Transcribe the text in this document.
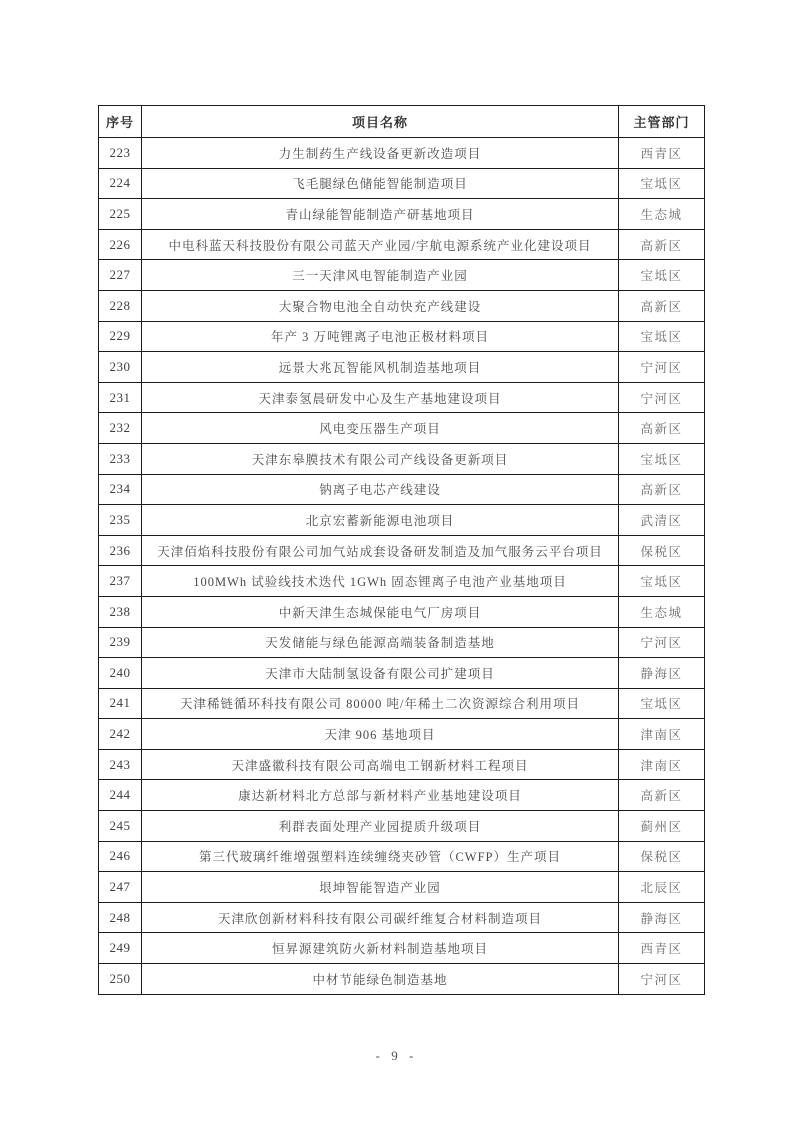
序号	项目名称	主管部门
223	力生制药生产线设备更新改造项目	西青区
224	飞毛腿绿色储能智能制造项目	宝坻区
225	青山绿能智能制造产研基地项目	生态城
226	中电科蓝天科技股份有限公司蓝天产业园/宇航电源系统产业化建设项目	高新区
227	三一天津风电智能制造产业园	宝坻区
228	大聚合物电池全自动快充产线建设	高新区
229	年产 3 万吨锂离子电池正极材料项目	宝坻区
230	远景大兆瓦智能风机制造基地项目	宁河区
231	天津泰氢晨研发中心及生产基地建设项目	宁河区
232	风电变压器生产项目	高新区
233	天津东皋膜技术有限公司产线设备更新项目	宝坻区
234	钠离子电芯产线建设	高新区
235	北京宏蓄新能源电池项目	武清区
236	天津佰焰科技股份有限公司加气站成套设备研发制造及加气服务云平台项目	保税区
237	100MWh 试验线技术迭代 1GWh 固态锂离子电池产业基地项目	宝坻区
238	中新天津生态城保能电气厂房项目	生态城
239	天发储能与绿色能源高端装备制造基地	宁河区
240	天津市大陆制氢设备有限公司扩建项目	静海区
241	天津稀链循环科技有限公司 80000 吨/年稀土二次资源综合利用项目	宝坻区
242	天津 906 基地项目	津南区
243	天津盛徽科技有限公司高端电工钢新材料工程项目	津南区
244	康达新材料北方总部与新材料产业基地建设项目	高新区
245	利群表面处理产业园提质升级项目	蓟州区
246	第三代玻璃纤维增强塑料连续缠绕夹砂管（CWFP）生产项目	保税区
247	垠坤智能智造产业园	北辰区
248	天津欣创新材料科技有限公司碳纤维复合材料制造项目	静海区
249	恒昇源建筑防火新材料制造基地项目	西青区
250	中材节能绿色制造基地	宁河区
- 9 -
